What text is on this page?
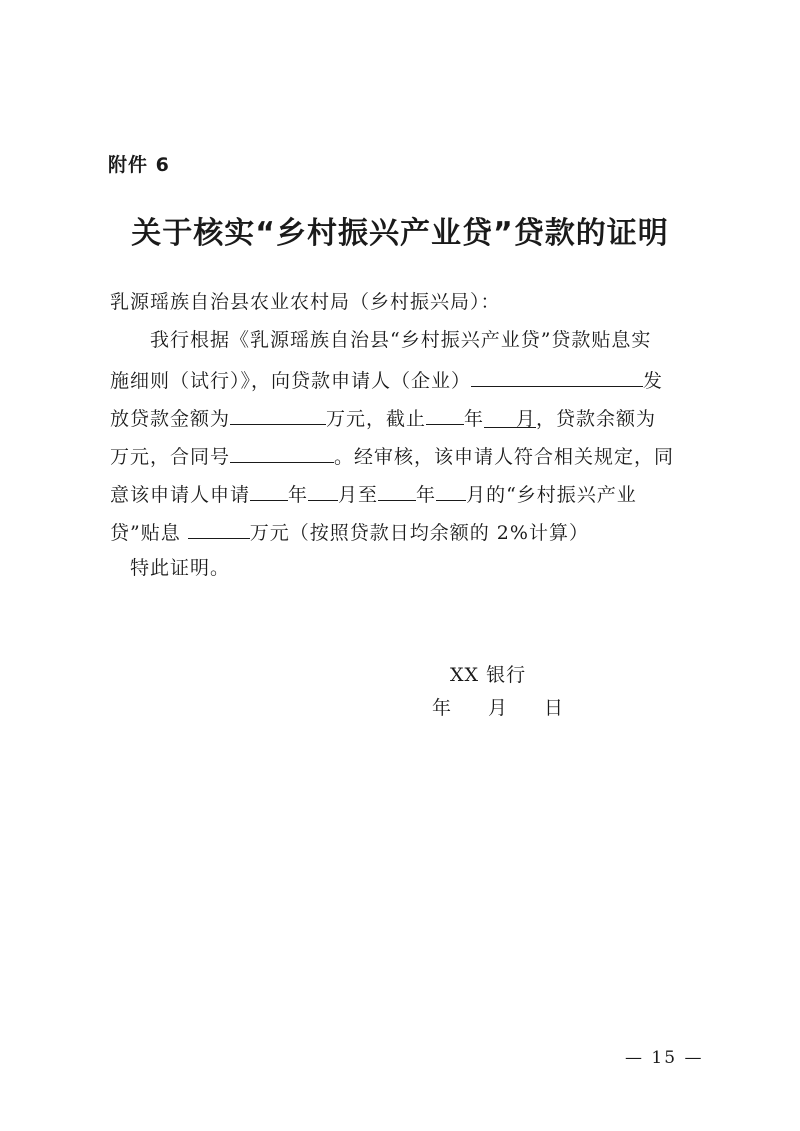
附件 6
关于核实“乡村振兴产业贷”贷款的证明
乳源瑶族自治县农业农村局（乡村振兴局）：
我行根据《乳源瑶族自治县“乡村振兴产业贷”贷款贴息实
施细则（试行）》，向贷款申请人（企业）	发
放贷款金额为	万元，截止 年 月，贷款余额为
万元，合同号	。经审核，该申请人符合相关规定，同
意该申请人申请 年 月至 年 月的“乡村振兴产业
贷”贴息	万元（按照贷款日均余额的 2%计算）
特此证明。
XX 银行
年 月 日
— 15 —
